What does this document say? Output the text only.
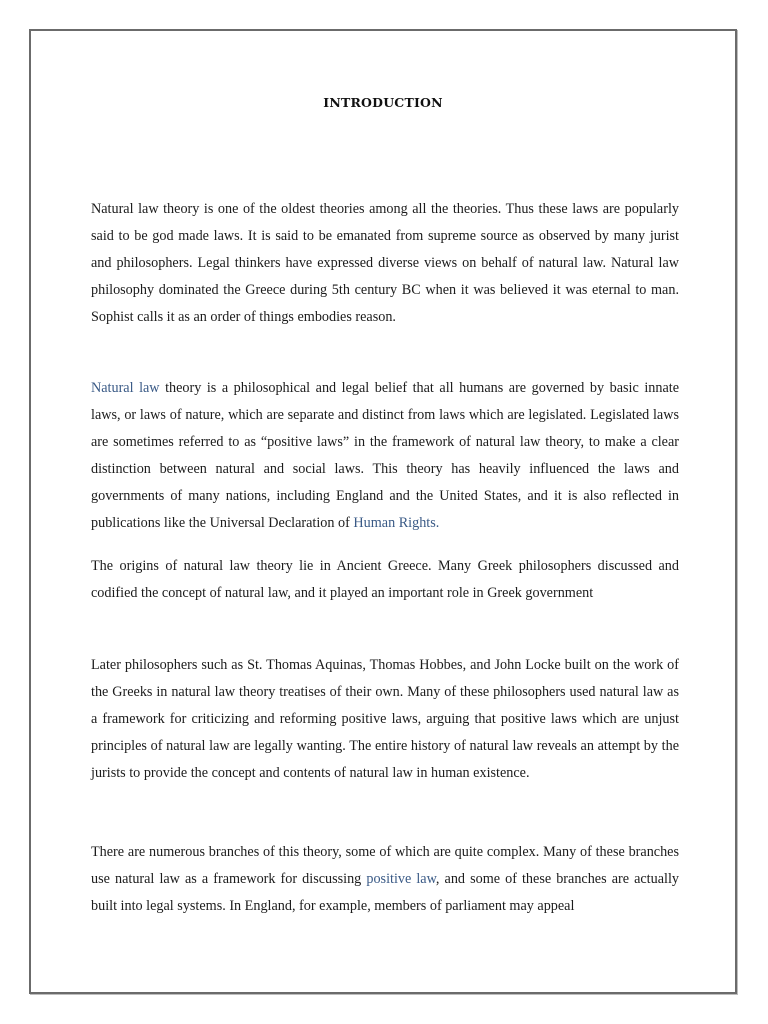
INTRODUCTION

Natural law theory is one of the oldest theories among all the theories. Thus these laws are popularly said to be god made laws. It is said to be emanated from supreme source as observed by many jurist and philosophers. Legal thinkers have expressed diverse views on behalf of natural law. Natural law philosophy dominated the Greece during 5th century BC when it was believed it was eternal to man. Sophist calls it as an order of things embodies reason.

Natural law theory is a philosophical and legal belief that all humans are governed by basic innate laws, or laws of nature, which are separate and distinct from laws which are legislated. Legislated laws are sometimes referred to as “positive laws” in the framework of natural law theory, to make a clear distinction between natural and social laws. This theory has heavily influenced the laws and governments of many nations, including England and the United States, and it is also reflected in publications like the Universal Declaration of Human Rights.

The origins of natural law theory lie in Ancient Greece. Many Greek philosophers discussed and codified the concept of natural law, and it played an important role in Greek government

Later philosophers such as St. Thomas Aquinas, Thomas Hobbes, and John Locke built on the work of the Greeks in natural law theory treatises of their own. Many of these philosophers used natural law as a framework for criticizing and reforming positive laws, arguing that positive laws which are unjust principles of natural law are legally wanting. The entire history of natural law reveals an attempt by the jurists to provide the concept and contents of natural law in human existence.

There are numerous branches of this theory, some of which are quite complex. Many of these branches use natural law as a framework for discussing positive law, and some of these branches are actually built into legal systems. In England, for example, members of parliament may appeal
